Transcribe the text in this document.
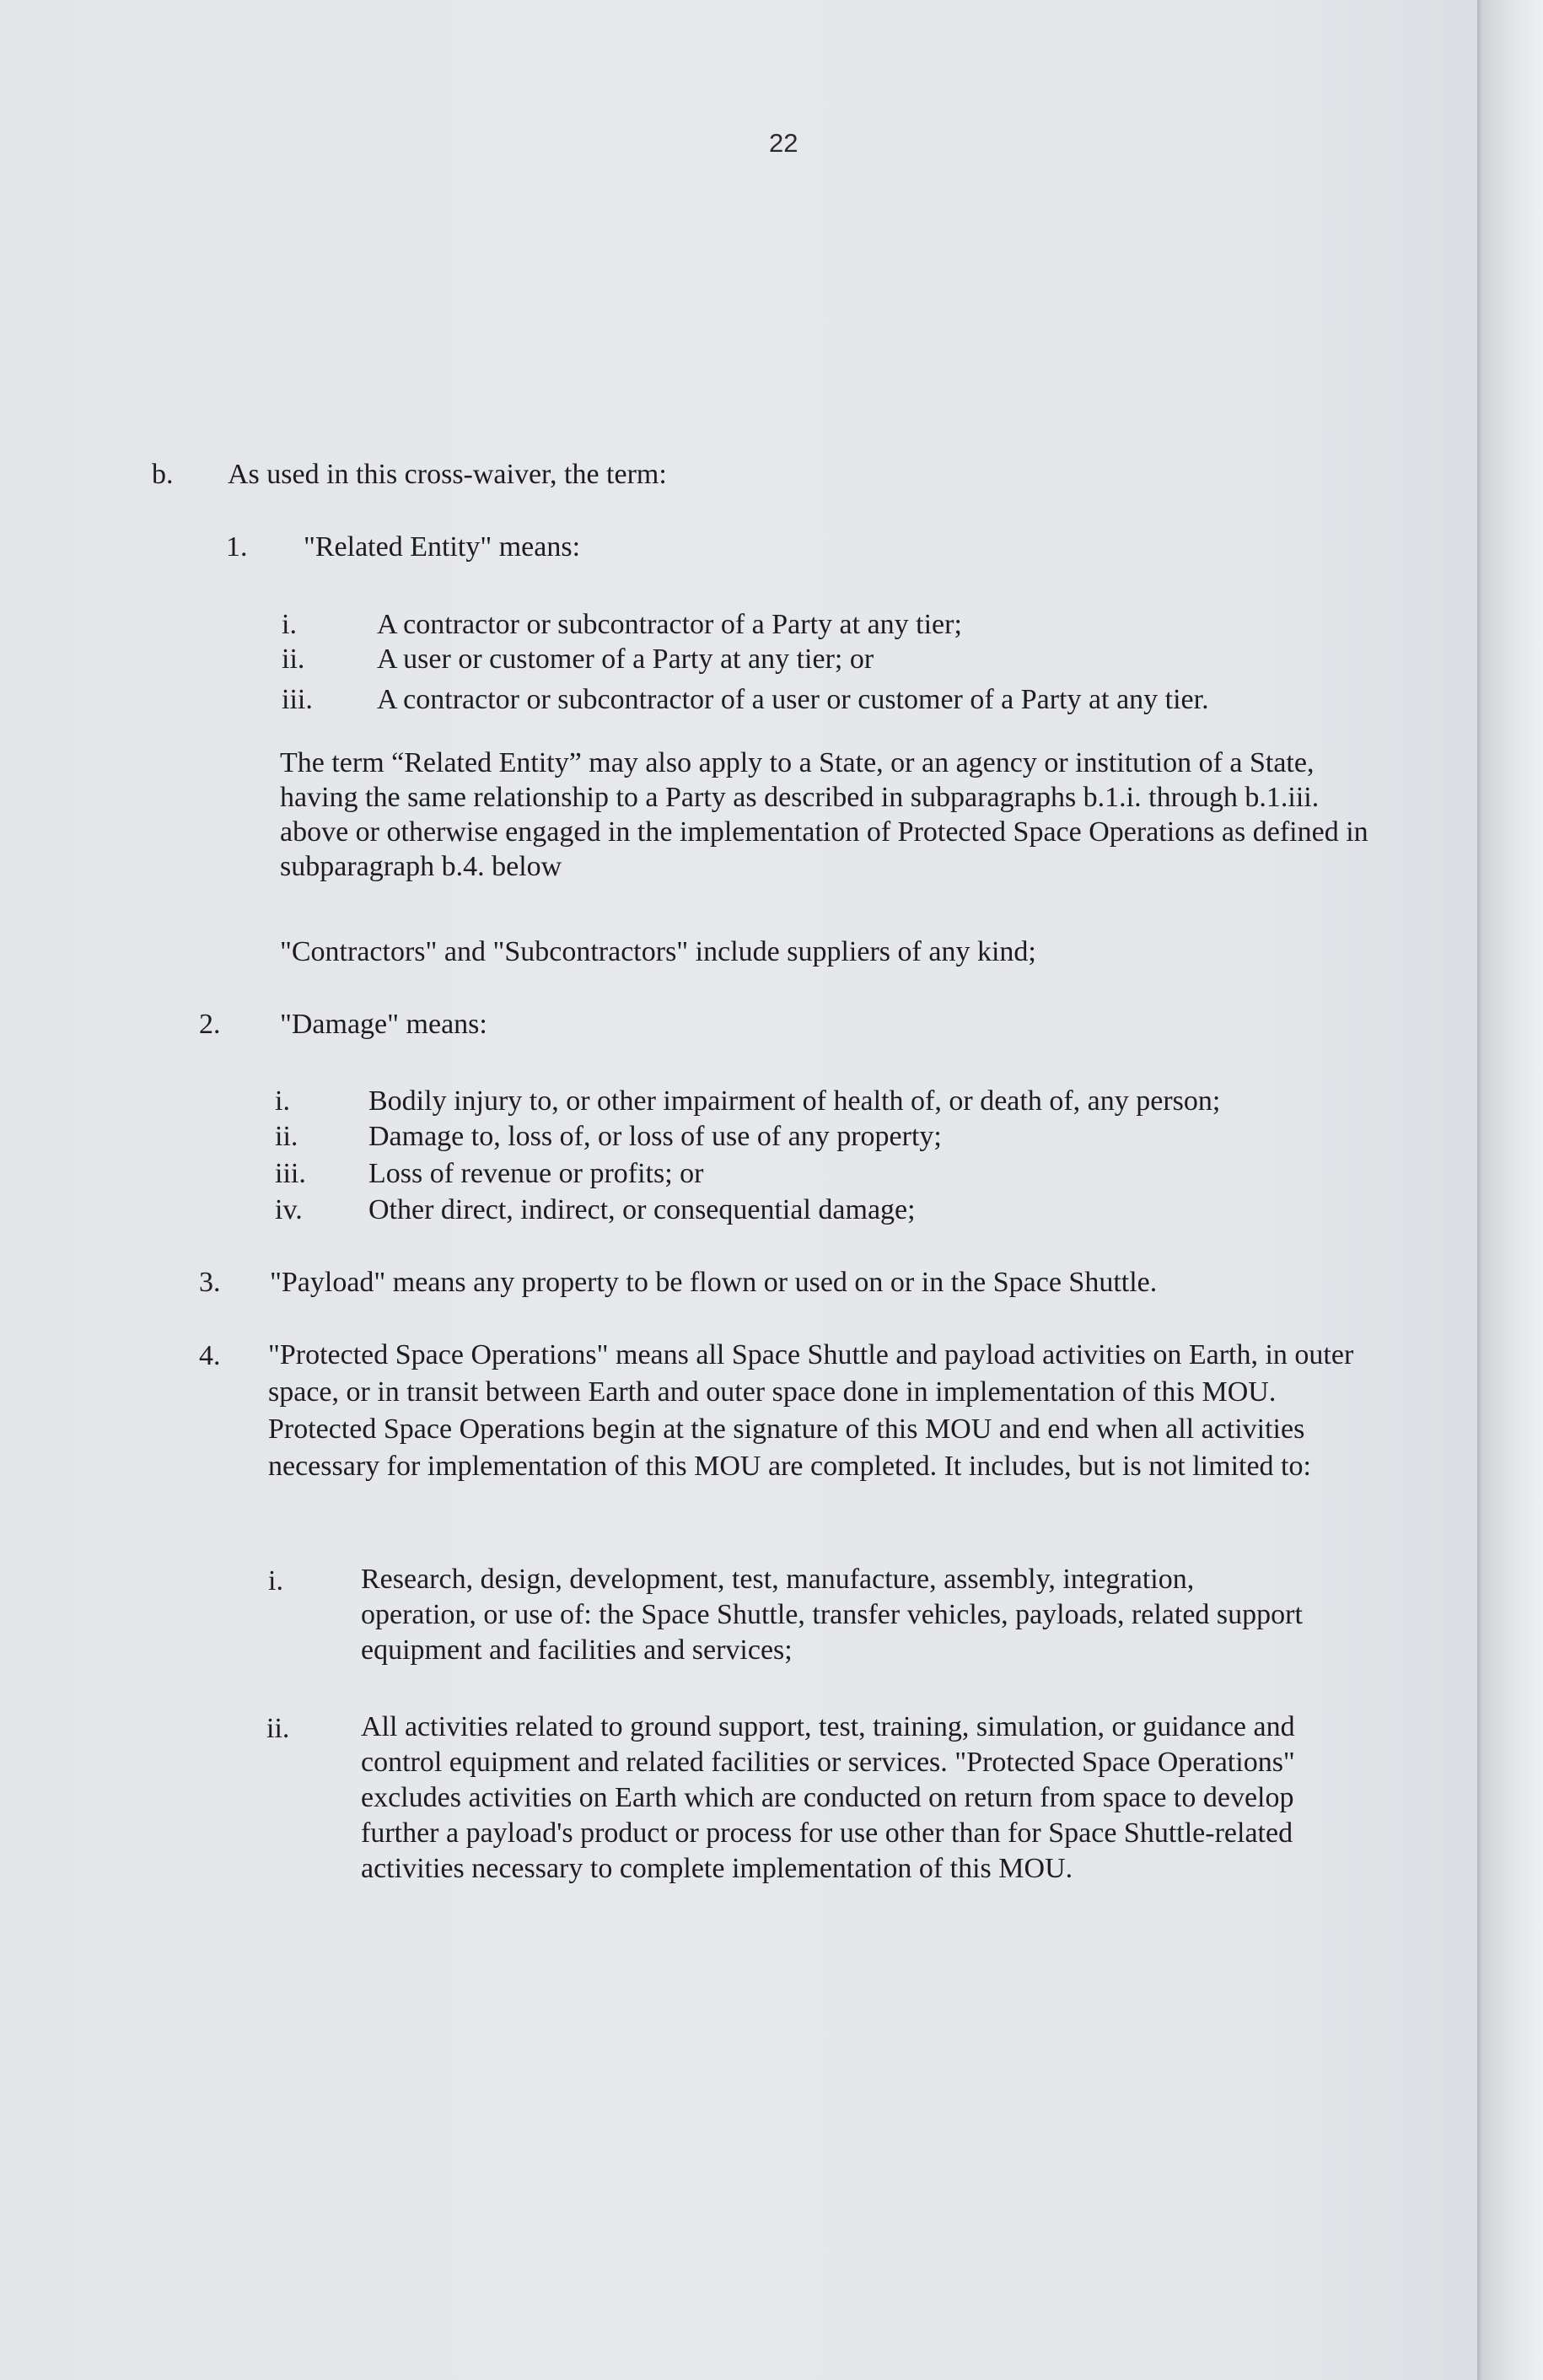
22
b. As used in this cross-waiver, the term:
1. "Related Entity" means:
i.	A contractor or subcontractor of a Party at any tier;
ii.	A user or customer of a Party at any tier; or
iii. A contractor or subcontractor of a user or customer of a Party at any tier.
The term “Related Entity” may also apply to a State, or an agency or institution of a State, having the same relationship to a Party as described in subparagraphs b.1.i. through b.1.iii. above or otherwise engaged in the implementation of Protected Space Operations as defined in subparagraph b.4. below
"Contractors" and "Subcontractors" include suppliers of any kind;
2. "Damage" means:
i.	Bodily injury to, or other impairment of health of, or death of, any person;
ii. Damage to, loss of, or loss of use of any property;
iii. Loss of revenue or profits; or
iv. Other direct, indirect, or consequential damage;
3. "Payload" means any property to be flown or used on or in the Space Shuttle.
4. "Protected Space Operations" means all Space Shuttle and payload activities on Earth, in outer space, or in transit between Earth and outer space done in implementation of this MOU. Protected Space Operations begin at the signature of this MOU and end when all activities necessary for implementation of this MOU are completed. It includes, but is not limited to:
i.	Research, design, development, test, manufacture, assembly, integration, operation, or use of: the Space Shuttle, transfer vehicles, payloads, related support equipment and facilities and services;
ii. All activities related to ground support, test, training, simulation, or guidance and control equipment and related facilities or services. "Protected Space Operations" excludes activities on Earth which are conducted on return from space to develop further a payload's product or process for use other than for Space Shuttle-related activities necessary to complete implementation of this MOU.
